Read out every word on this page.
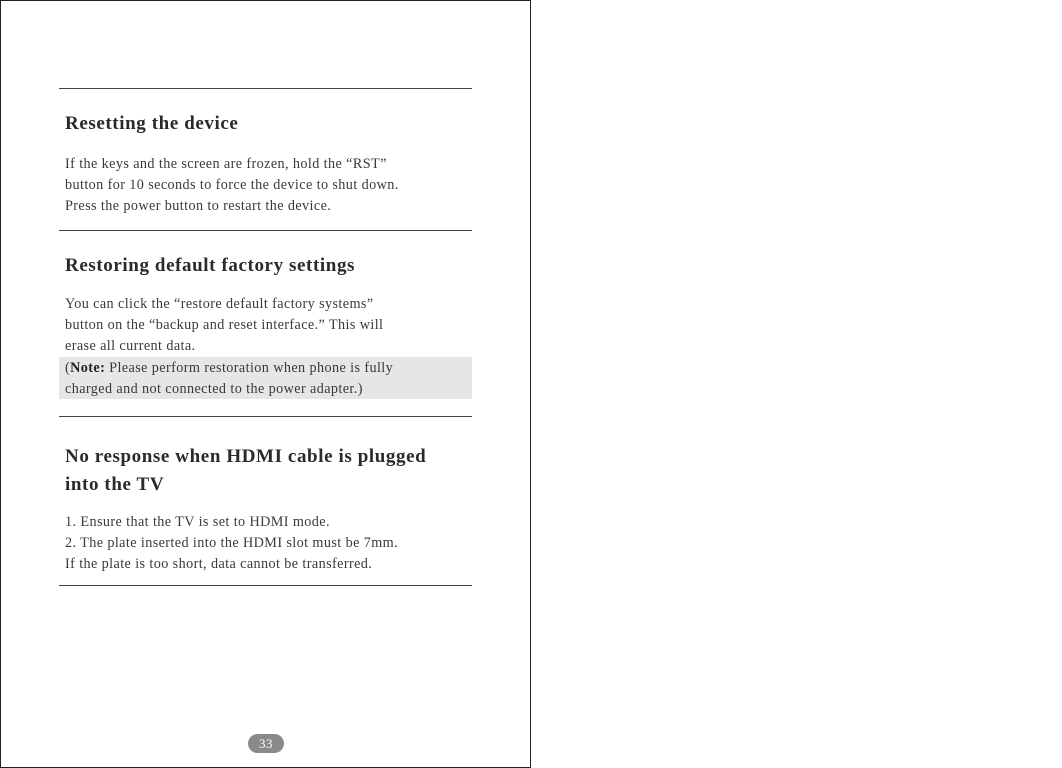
Resetting the device

If the keys and the screen are frozen, hold the “RST”
button for 10 seconds to force the device to shut down.
Press the power button to restart the device.

Restoring default factory settings

You can click the “restore default factory systems”
button on the “backup and reset interface.” This will
erase all current data.

(Note: Please perform restoration when phone is fully
charged and not connected to the power adapter.)

No response when HDMI cable is plugged
into the TV

1. Ensure that the TV is set to HDMI mode.
2. The plate inserted into the HDMI slot must be 7mm.
If the plate is too short, data cannot be transferred.

33
